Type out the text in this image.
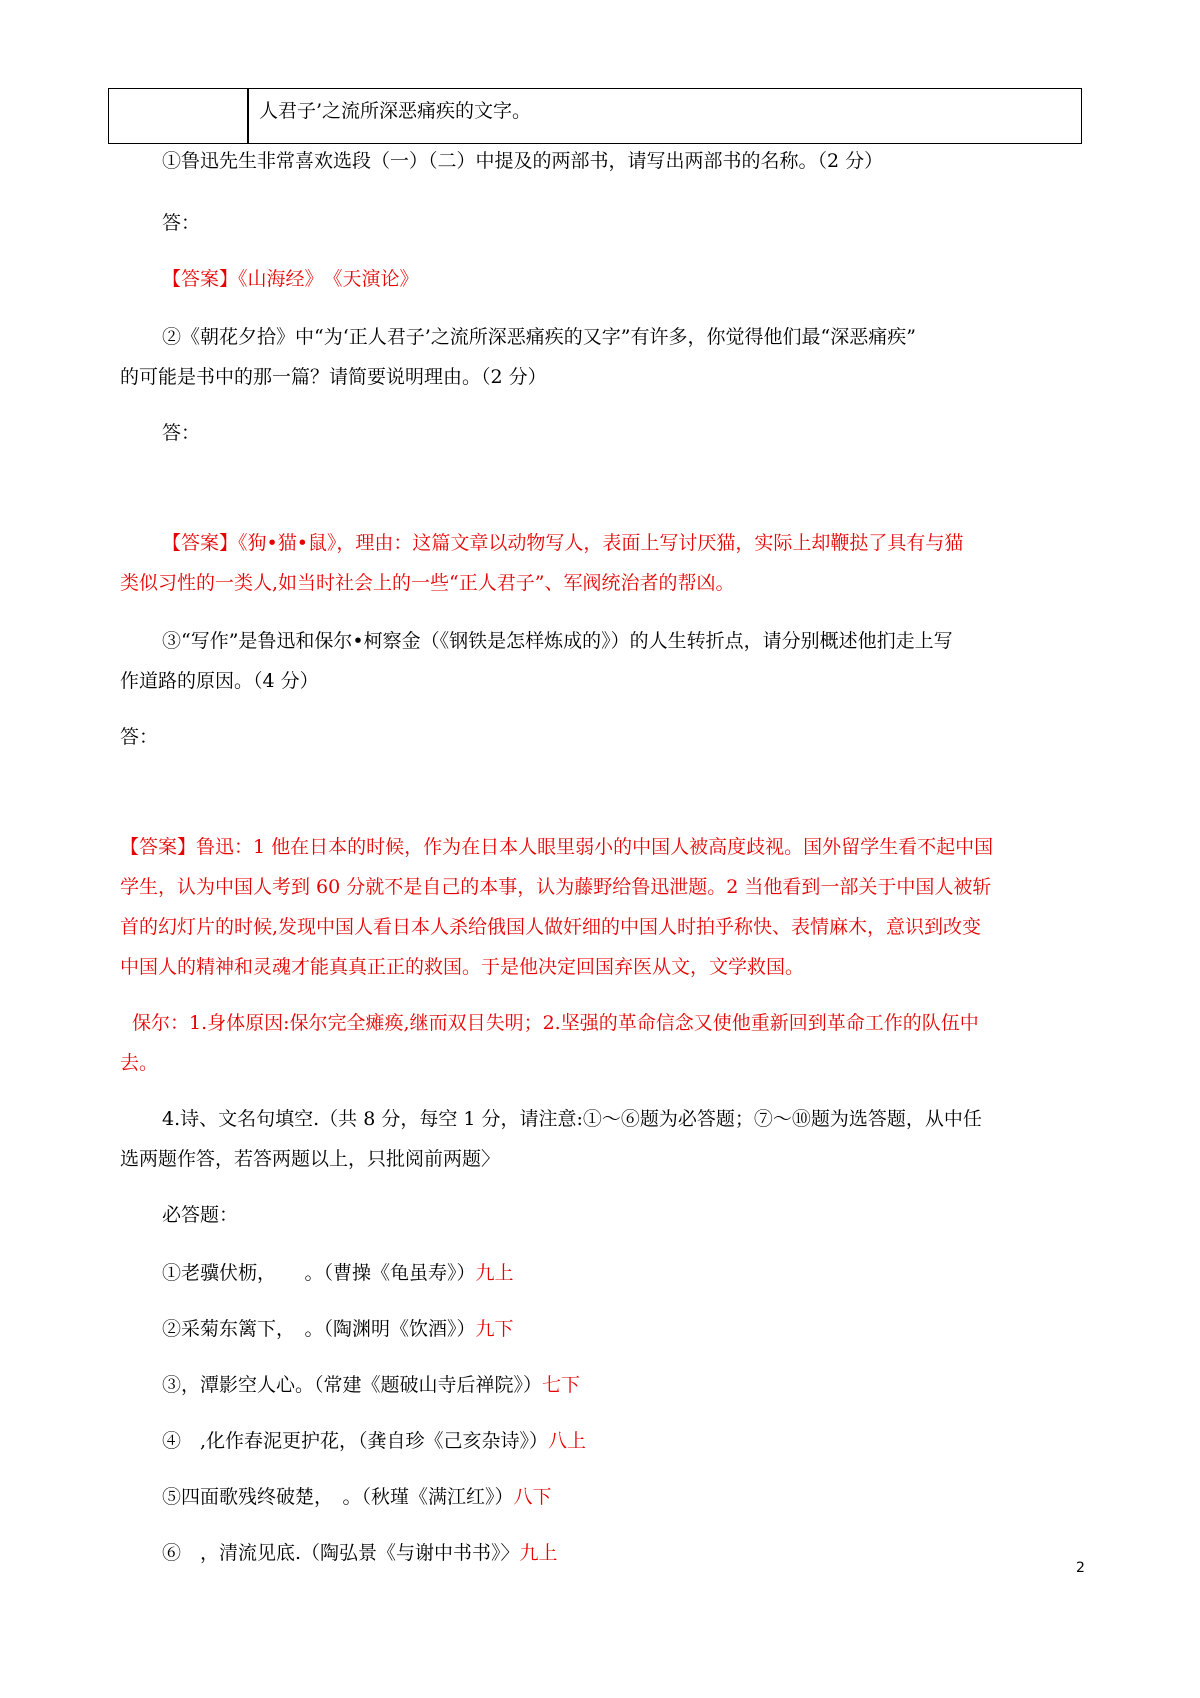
人君子’之流所深恶痛疾的文字。
①鲁迅先生非常喜欢选段（一）（二）中提及的两部书，请写出两部书的名称。（2 分）
答：
【答案】《山海经》　《天演论》
②《朝花夕拾》中“为‘正人君子’之流所深恶痛疾的又字”有许多，你觉得他们最“深恶痛疾”
的可能是书中的那一篇？请简要说明理由。（2 分）
答：
【答案】《狗•猫•鼠》，理由：这篇文章以动物写人，表面上写讨厌猫，实际上却鞭挞了具有与猫
类似习性的一类人,如当时社会上的一些“正人君子”、军阀统治者的帮凶。
③“写作”是鲁迅和保尔•柯察金（《钢铁是怎样炼成的》）的人生转折点，请分别概述他扪走上写
作道路的原因。（4 分）
答：
【答案】鲁迅：1 他在日本的时候，作为在日本人眼里弱小的中国人被高度歧视。国外留学生看不起中国
学生，认为中国人考到 60 分就不是自己的本事，认为藤野给鲁迅泄题。2 当他看到一部关于中国人被斩
首的幻灯片的时候,发现中国人看日本人杀给俄国人做奸细的中国人时拍乎称快、表情麻木，意识到改变
中国人的精神和灵魂才能真真正正的救国。于是他决定回国弃医从文，文学救国。
保尔：1.身体原因:保尔完全瘫痪,继而双目失明；2.坚强的革命信念又使他重新回到革命工作的队伍中
去。
4.诗、文名句填空.（共 8 分，每空 1 分，请注意:①～⑥题为必答题；⑦～⑩题为选答题，从中任
选两题作答，若答两题以上，只批阅前两题〉
必答题：
①老骥伏枥，　　。（曹操《龟虽寿》）九上
②采菊东篱下，　。（陶渊明《饮酒》）九下
③，潭影空人心。（常建《题破山寺后禅院》）七下
④　,化作春泥更护花，（龚自珍《己亥杂诗》）八上
⑤四面歌残终破楚，　。（秋瑾《满江红》）八下
⑥　，清流见底.（陶弘景《与谢中书书》〉九上
2
